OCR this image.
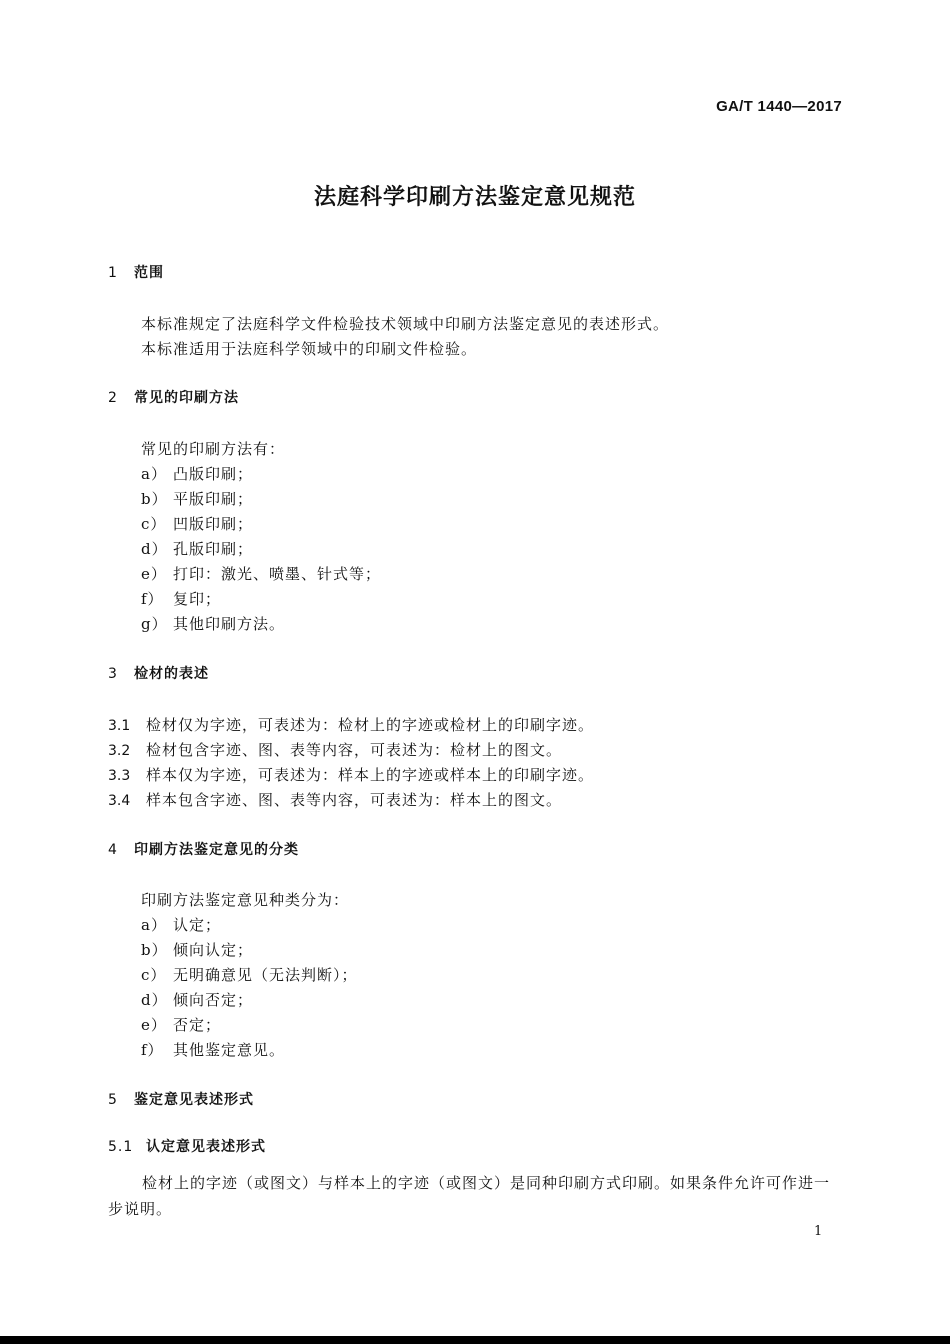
GA/T 1440—2017
法庭科学印刷方法鉴定意见规范
1 范围
本标准规定了法庭科学文件检验技术领域中印刷方法鉴定意见的表述形式。
本标准适用于法庭科学领域中的印刷文件检验。
2 常见的印刷方法
常见的印刷方法有：
a） 凸版印刷；
b） 平版印刷；
c） 凹版印刷；
d） 孔版印刷；
e） 打印：激光、喷墨、针式等；
f） 复印；
g） 其他印刷方法。
3 检材的表述
3.1 检材仅为字迹，可表述为：检材上的字迹或检材上的印刷字迹。
3.2 检材包含字迹、图、表等内容，可表述为：检材上的图文。
3.3 样本仅为字迹，可表述为：样本上的字迹或样本上的印刷字迹。
3.4 样本包含字迹、图、表等内容，可表述为：样本上的图文。
4 印刷方法鉴定意见的分类
印刷方法鉴定意见种类分为：
a） 认定；
b） 倾向认定；
c） 无明确意见（无法判断）；
d） 倾向否定；
e） 否定；
f） 其他鉴定意见。
5 鉴定意见表述形式
5.1 认定意见表述形式
检材上的字迹（或图文）与样本上的字迹（或图文）是同种印刷方式印刷。如果条件允许可作进一步说明。
1
